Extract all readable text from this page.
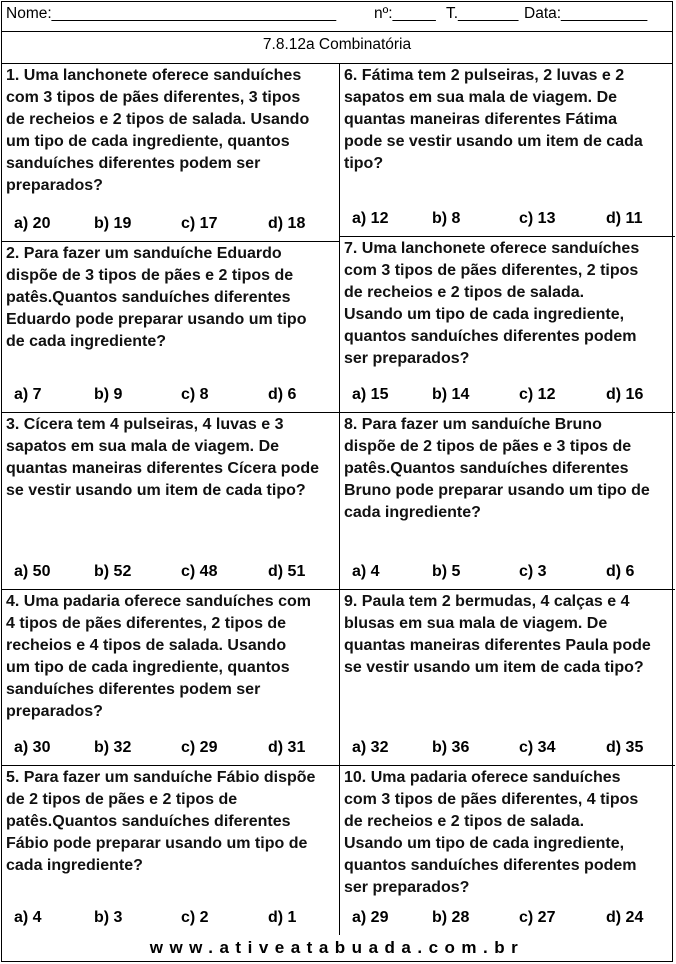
Nome:_________________________________ nº:_____ T._______ Data:__________
7.8.12a Combinatória
1. Uma lanchonete oferece sanduíches
com 3 tipos de pães diferentes, 3 tipos
de recheios e 2 tipos de salada. Usando
um tipo de cada ingrediente, quantos
sanduíches diferentes podem ser
preparados?
a) 20	b) 19	c) 17	d) 18
2. Para fazer um sanduíche Eduardo
dispõe de 3 tipos de pães e 2 tipos de
patês.Quantos sanduíches diferentes
Eduardo pode preparar usando um tipo
de cada ingrediente?
a) 7	b) 9	c) 8	d) 6
3. Cícera tem 4 pulseiras, 4 luvas e 3
sapatos em sua mala de viagem. De
quantas maneiras diferentes Cícera pode
se vestir usando um item de cada tipo?
a) 50	b) 52	c) 48	d) 51
4. Uma padaria oferece sanduíches com
4 tipos de pães diferentes, 2 tipos de
recheios e 4 tipos de salada. Usando
um tipo de cada ingrediente, quantos
sanduíches diferentes podem ser
preparados?
a) 30	b) 32	c) 29	d) 31
5. Para fazer um sanduíche Fábio dispõe
de 2 tipos de pães e 2 tipos de
patês.Quantos sanduíches diferentes
Fábio pode preparar usando um tipo de
cada ingrediente?
a) 4	b) 3	c) 2	d) 1
6. Fátima tem 2 pulseiras, 2 luvas e 2
sapatos em sua mala de viagem. De
quantas maneiras diferentes Fátima
pode se vestir usando um item de cada
tipo?
a) 12	b) 8	c) 13	d) 11
7. Uma lanchonete oferece sanduíches
com 3 tipos de pães diferentes, 2 tipos
de recheios e 2 tipos de salada.
Usando um tipo de cada ingrediente,
quantos sanduíches diferentes podem
ser preparados?
a) 15	b) 14	c) 12	d) 16
8. Para fazer um sanduíche Bruno
dispõe de 2 tipos de pães e 3 tipos de
patês.Quantos sanduíches diferentes
Bruno pode preparar usando um tipo de
cada ingrediente?
a) 4	b) 5	c) 3	d) 6
9. Paula tem 2 bermudas, 4 calças e 4
blusas em sua mala de viagem. De
quantas maneiras diferentes Paula pode
se vestir usando um item de cada tipo?
a) 32	b) 36	c) 34	d) 35
10. Uma padaria oferece sanduíches
com 3 tipos de pães diferentes, 4 tipos
de recheios e 2 tipos de salada.
Usando um tipo de cada ingrediente,
quantos sanduíches diferentes podem
ser preparados?
a) 29	b) 28	c) 27	d) 24
www.ativeatabuada.com.br
